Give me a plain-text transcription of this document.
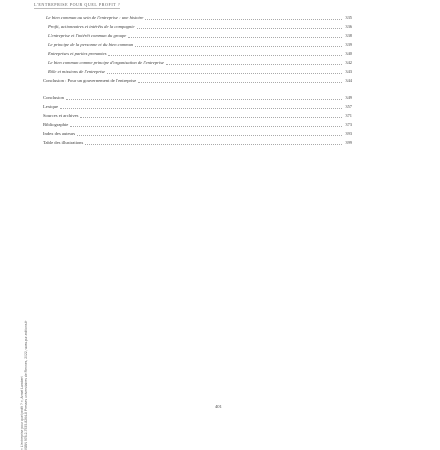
L'ENTREPRISE POUR QUEL PROFIT ?
Le bien commun au sein de l'entreprise : une histoire	335
Profit, actionnaires et intérêts de la compagnie	336
L'entreprise et l'intérêt commun du groupe	338
Le principe de la personne et du bien commun	339
Entreprises et parties prenantes	340
Le bien commun comme principe d'organisation de l'entreprise	342
Rôle et missions de l'entreprise	343
Conclusion : Pour un gouvernement de l'entreprise	344
Conclusion	349
Lexique	357
Sources et archives	371
Bibliographie	373
Index des auteurs	393
Table des illustrations	399
« L'entreprise pour quel profit ? », Armel Lambert ISBN 978-2-7535-8264-8 Presses universitaires de Rennes, 2022, www.pur-editions.fr	401
